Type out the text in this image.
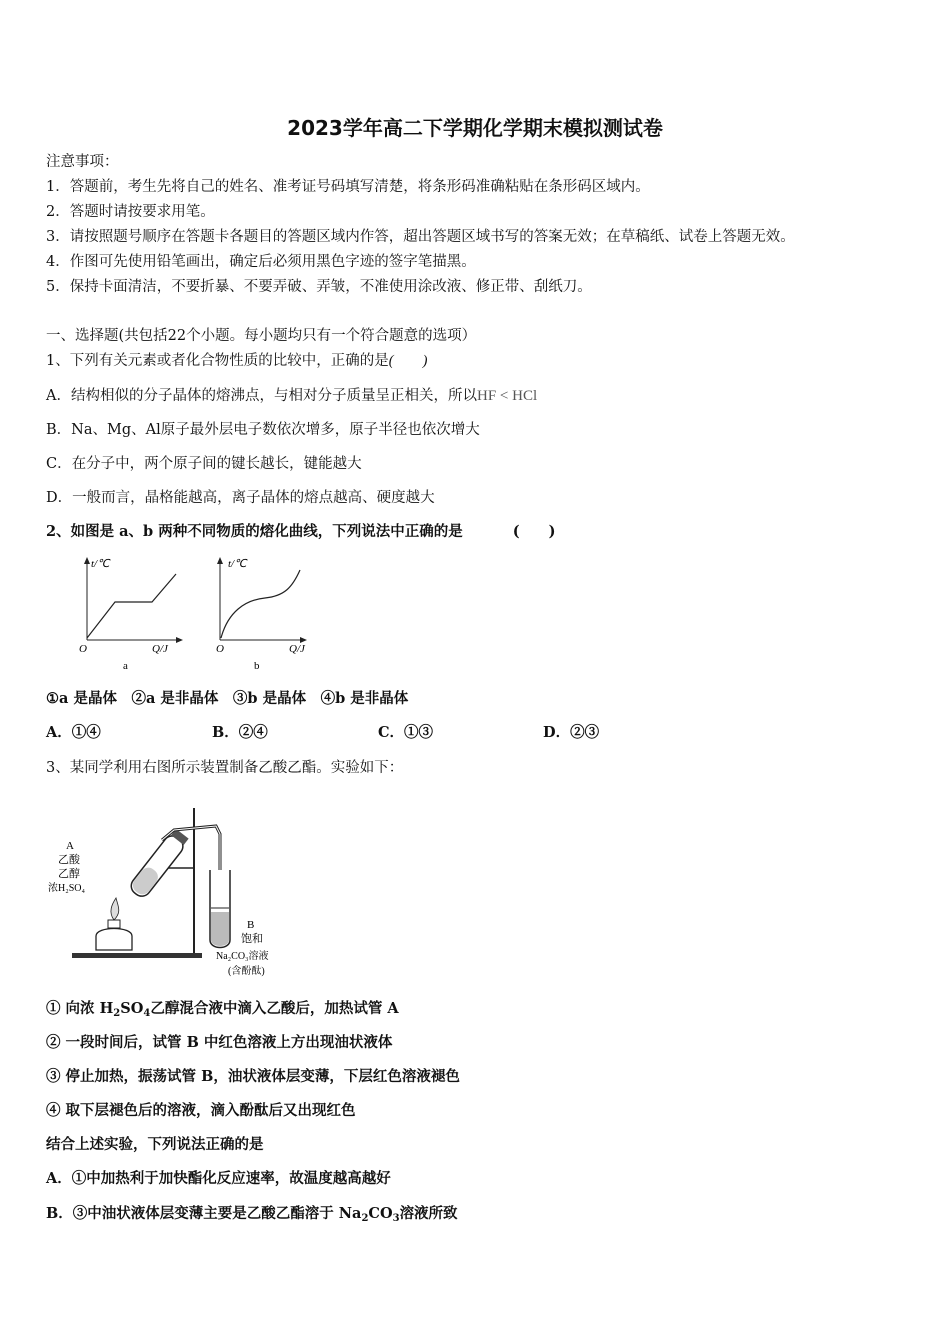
2023学年高二下学期化学期末模拟测试卷
注意事项：
1．答题前，考生先将自己的姓名、准考证号码填写清楚，将条形码准确粘贴在条形码区域内。
2．答题时请按要求用笔。
3．请按照题号顺序在答题卡各题目的答题区域内作答，超出答题区域书写的答案无效；在草稿纸、试卷上答题无效。
4．作图可先使用铅笔画出，确定后必须用黑色字迹的签字笔描黑。
5．保持卡面清洁，不要折暴、不要弄破、弄皱，不准使用涂改液、修正带、刮纸刀。
一、选择题(共包括22个小题。每小题均只有一个符合题意的选项）
1、下列有关元素或者化合物性质的比较中，正确的是(　　)
A．结构相似的分子晶体的熔沸点，与相对分子质量呈正相关，所以HF < HCl
B．Na、Mg、Al原子最外层电子数依次增多，原子半径也依次增大
C．在分子中，两个原子间的键长越长，键能越大
D．一般而言，晶格能越高，离子晶体的熔点越高、硬度越大
2、如图是 a、b 两种不同物质的熔化曲线，下列说法中正确的是	(　　)
t/℃
O	Q/J
a
t/℃
O	Q/J
b
①a 是晶体　②a 是非晶体　③b 是晶体　④b 是非晶体
A．①④	B．②④	C．①③	D．②③
3、某同学利用右图所示装置制备乙酸乙酯。实验如下：
A
乙酸
乙醇
浓H₂SO₄
B
饱和
Na₂CO₃溶液
(含酚酞)
① 向浓 $H_2SO_4$乙醇混合液中滴入乙酸后，加热试管 A
② 一段时间后，试管 B 中红色溶液上方出现油状液体
③ 停止加热，振荡试管 B，油状液体层变薄，下层红色溶液褪色
④ 取下层褪色后的溶液，滴入酚酞后又出现红色
结合上述实验，下列说法正确的是
A．①中加热利于加快酯化反应速率，故温度越高越好
B．③中油状液体层变薄主要是乙酸乙酯溶于 $Na_2CO_3$溶液所致
